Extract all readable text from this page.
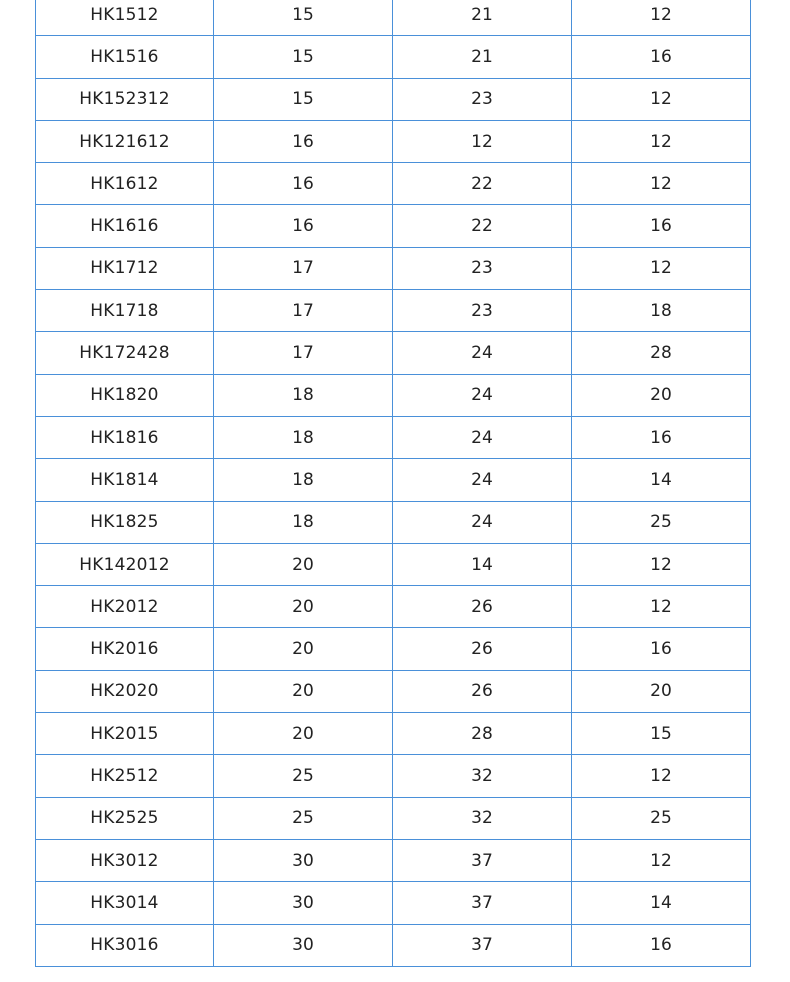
HK1512	15	21	12
HK1516	15	21	16
HK152312	15	23	12
HK121612	16	12	12
HK1612	16	22	12
HK1616	16	22	16
HK1712	17	23	12
HK1718	17	23	18
HK172428	17	24	28
HK1820	18	24	20
HK1816	18	24	16
HK1814	18	24	14
HK1825	18	24	25
HK142012	20	14	12
HK2012	20	26	12
HK2016	20	26	16
HK2020	20	26	20
HK2015	20	28	15
HK2512	25	32	12
HK2525	25	32	25
HK3012	30	37	12
HK3014	30	37	14
HK3016	30	37	16
